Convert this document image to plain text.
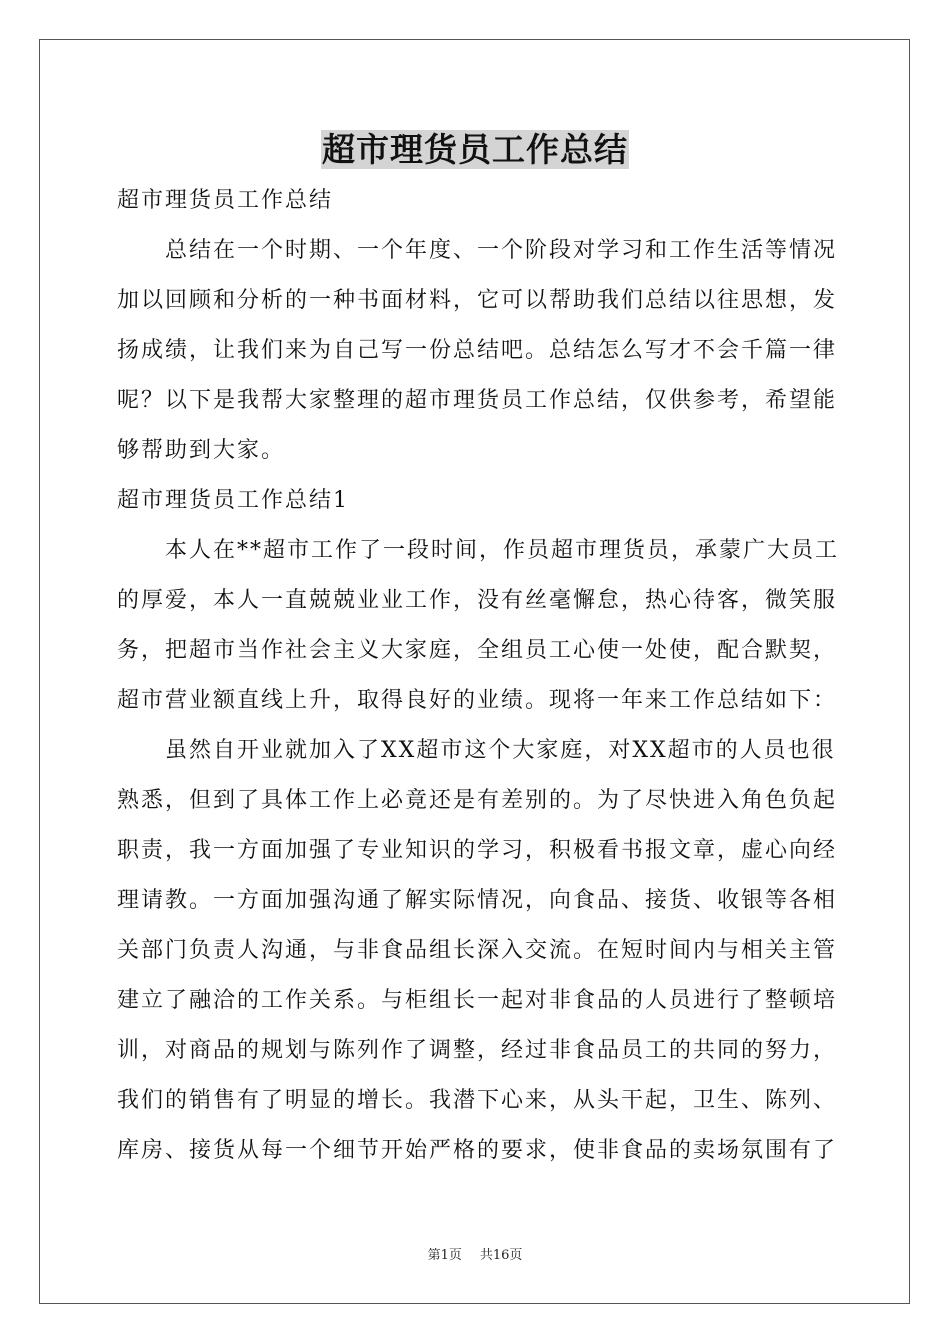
超市理货员工作总结
超市理货员工作总结
总结在一个时期、一个年度、一个阶段对学习和工作生活等情况
加以回顾和分析的一种书面材料，它可以帮助我们总结以往思想，发
扬成绩，让我们来为自己写一份总结吧。总结怎么写才不会千篇一律
呢？以下是我帮大家整理的超市理货员工作总结，仅供参考，希望能
够帮助到大家。
超市理货员工作总结1
本人在**超市工作了一段时间，作员超市理货员，承蒙广大员工
的厚爱，本人一直兢兢业业工作，没有丝毫懈怠，热心待客，微笑服
务，把超市当作社会主义大家庭，全组员工心使一处使，配合默契，
超市营业额直线上升，取得良好的业绩。现将一年来工作总结如下：
虽然自开业就加入了XX超市这个大家庭，对XX超市的人员也很
熟悉，但到了具体工作上必竟还是有差别的。为了尽快进入角色负起
职责，我一方面加强了专业知识的学习，积极看书报文章，虚心向经
理请教。一方面加强沟通了解实际情况，向食品、接货、收银等各相
关部门负责人沟通，与非食品组长深入交流。在短时间内与相关主管
建立了融洽的工作关系。与柜组长一起对非食品的人员进行了整顿培
训，对商品的规划与陈列作了调整，经过非食品员工的共同的努力，
我们的销售有了明显的增长。我潜下心来，从头干起，卫生、陈列、
库房、接货从每一个细节开始严格的要求，使非食品的卖场氛围有了
第1页 共16页
